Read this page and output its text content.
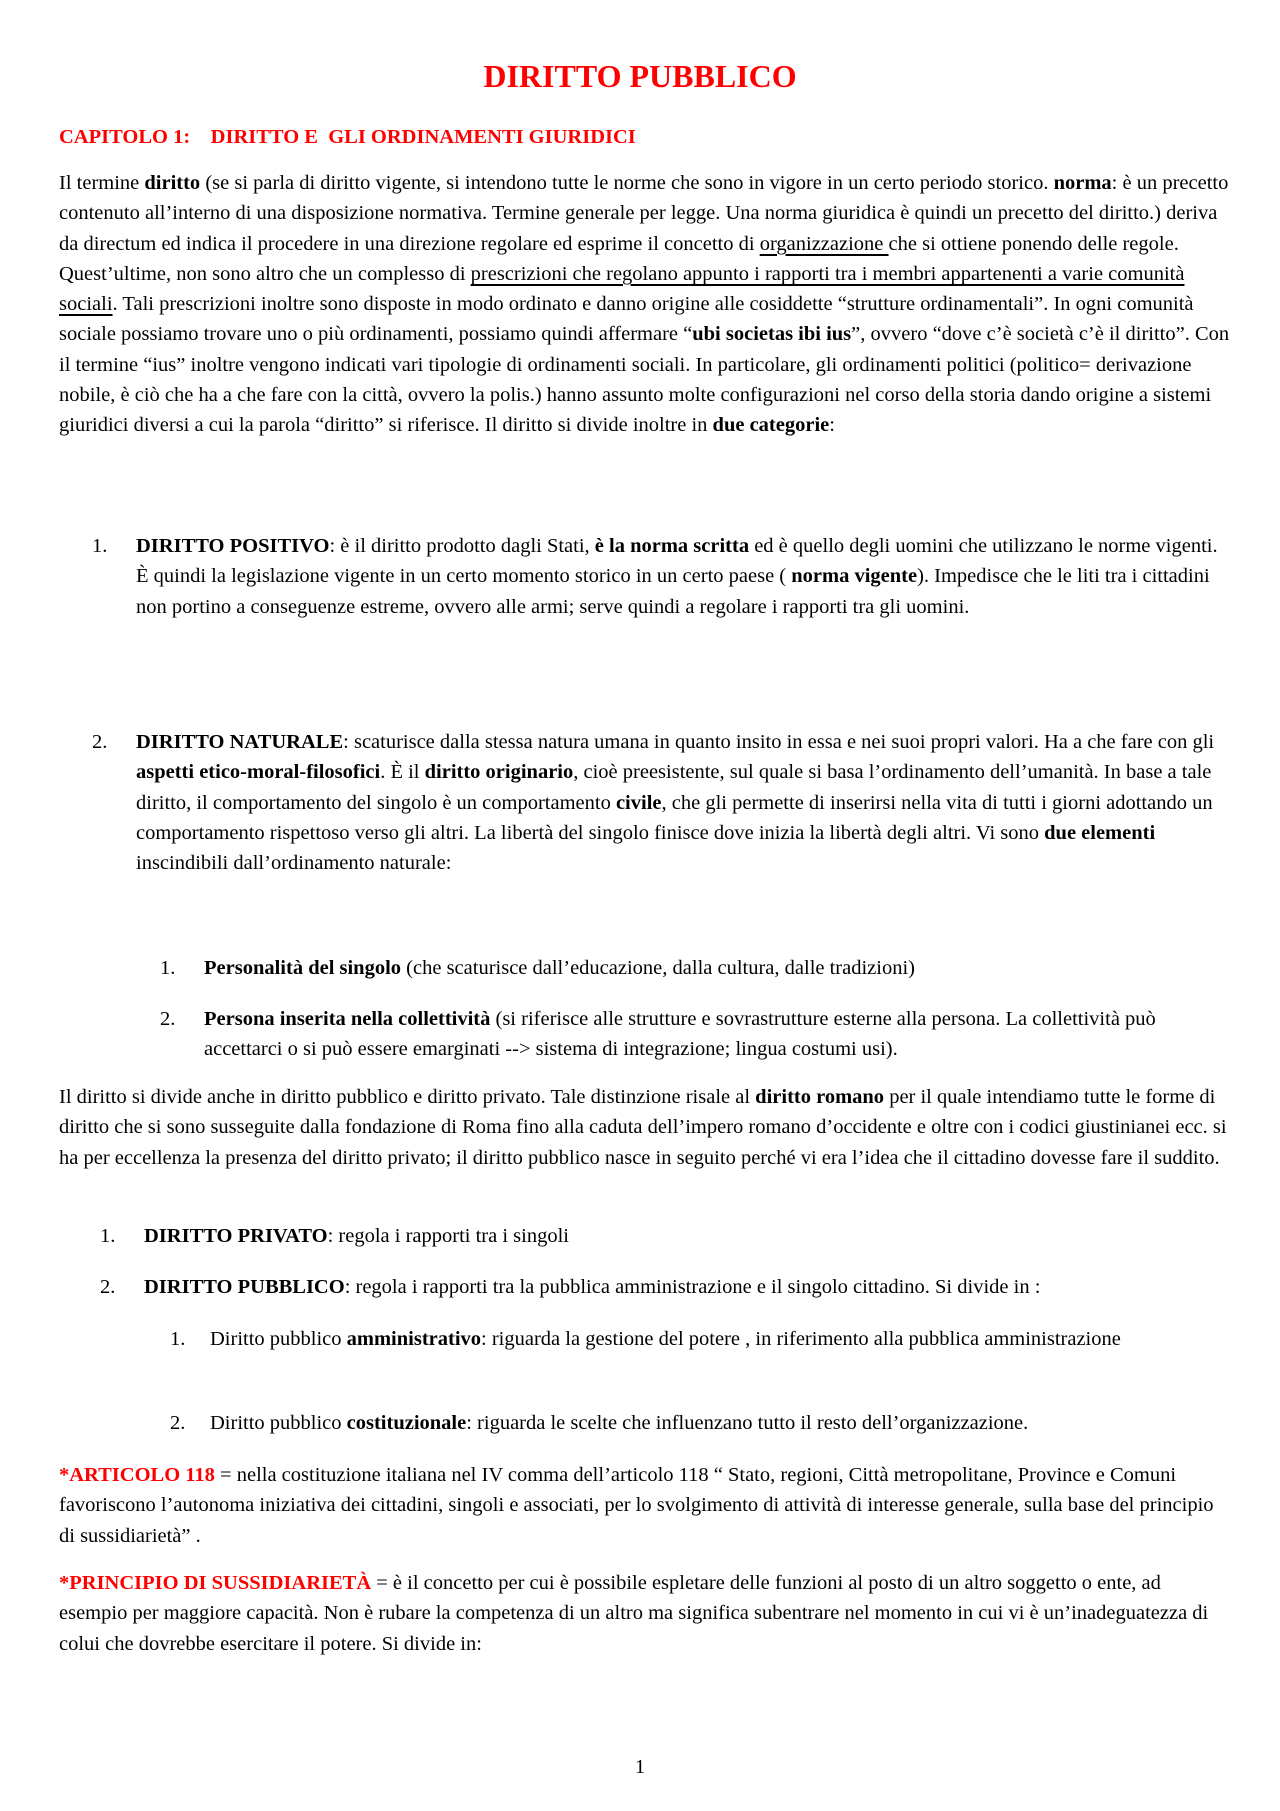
DIRITTO PUBBLICO
CAPITOLO 1:    DIRITTO E  GLI ORDINAMENTI GIURIDICI

Il termine diritto (se si parla di diritto vigente, si intendono tutte le norme che sono in vigore in un certo periodo storico. norma: è un precetto contenuto all’interno di una disposizione normativa. Termine generale per legge. Una norma giuridica è quindi un precetto del diritto.) deriva da directum ed indica il procedere in una direzione regolare ed esprime il concetto di organizzazione che si ottiene ponendo delle regole. Quest’ultime, non sono altro che un complesso di prescrizioni che regolano appunto i rapporti tra i membri appartenenti a varie comunità sociali. Tali prescrizioni inoltre sono disposte in modo ordinato e danno origine alle cosiddette “strutture ordinamentali”. In ogni comunità sociale possiamo trovare uno o più ordinamenti, possiamo quindi affermare “ubi societas ibi ius”, ovvero “dove c’è società c’è il diritto”. Con il termine “ius” inoltre vengono indicati vari tipologie di ordinamenti sociali. In particolare, gli ordinamenti politici (politico= derivazione nobile, è ciò che ha a che fare con la città, ovvero la polis.) hanno assunto molte configurazioni nel corso della storia dando origine a sistemi giuridici diversi a cui la parola “diritto” si riferisce. Il diritto si divide inoltre in due categorie:

1. DIRITTO POSITIVO: è il diritto prodotto dagli Stati, è la norma scritta ed è quello degli uomini che utilizzano le norme vigenti. È quindi la legislazione vigente in un certo momento storico in un certo paese ( norma vigente). Impedisce che le liti tra i cittadini non portino a conseguenze estreme, ovvero alle armi; serve quindi a regolare i rapporti tra gli uomini.
2. DIRITTO NATURALE: scaturisce dalla stessa natura umana in quanto insito in essa e nei suoi propri valori. Ha a che fare con gli aspetti etico-moral-filosofici. È il diritto originario, cioè preesistente, sul quale si basa l’ordinamento dell’umanità. In base a tale diritto, il comportamento del singolo è un comportamento civile, che gli permette di inserirsi nella vita di tutti i giorni adottando un comportamento rispettoso verso gli altri. La libertà del singolo finisce dove inizia la libertà degli altri. Vi sono due elementi inscindibili dall’ordinamento naturale:
1. Personalità del singolo (che scaturisce dall’educazione, dalla cultura, dalle tradizioni)
2. Persona inserita nella collettività (si riferisce alle strutture e sovrastrutture esterne alla persona. La collettività può accettarci o si può essere emarginati --> sistema di integrazione; lingua costumi usi).

Il diritto si divide anche in diritto pubblico e diritto privato. Tale distinzione risale al diritto romano per il quale intendiamo tutte le forme di diritto che si sono susseguite dalla fondazione di Roma fino alla caduta dell’impero romano d’occidente e oltre con i codici giustinianei ecc. si ha per eccellenza la presenza del diritto privato; il diritto pubblico nasce in seguito perché vi era l’idea che il cittadino dovesse fare il suddito.

1. DIRITTO PRIVATO: regola i rapporti tra i singoli
2. DIRITTO PUBBLICO: regola i rapporti tra la pubblica amministrazione e il singolo cittadino. Si divide in :
1. Diritto pubblico amministrativo: riguarda la gestione del potere , in riferimento alla pubblica amministrazione
2. Diritto pubblico costituzionale: riguarda le scelte che influenzano tutto il resto dell’organizzazione.

*ARTICOLO 118 = nella costituzione italiana nel IV comma dell’articolo 118 “ Stato, regioni, Città metropolitane, Province e Comuni favoriscono l’autonoma iniziativa dei cittadini, singoli e associati, per lo svolgimento di attività di interesse generale, sulla base del principio di sussidiarietà” .

*PRINCIPIO DI SUSSIDIARIETÀ = è il concetto per cui è possibile espletare delle funzioni al posto di un altro soggetto o ente, ad esempio per maggiore capacità. Non è rubare la competenza di un altro ma significa subentrare nel momento in cui vi è un’inadeguatezza di colui che dovrebbe esercitare il potere. Si divide in:

1
